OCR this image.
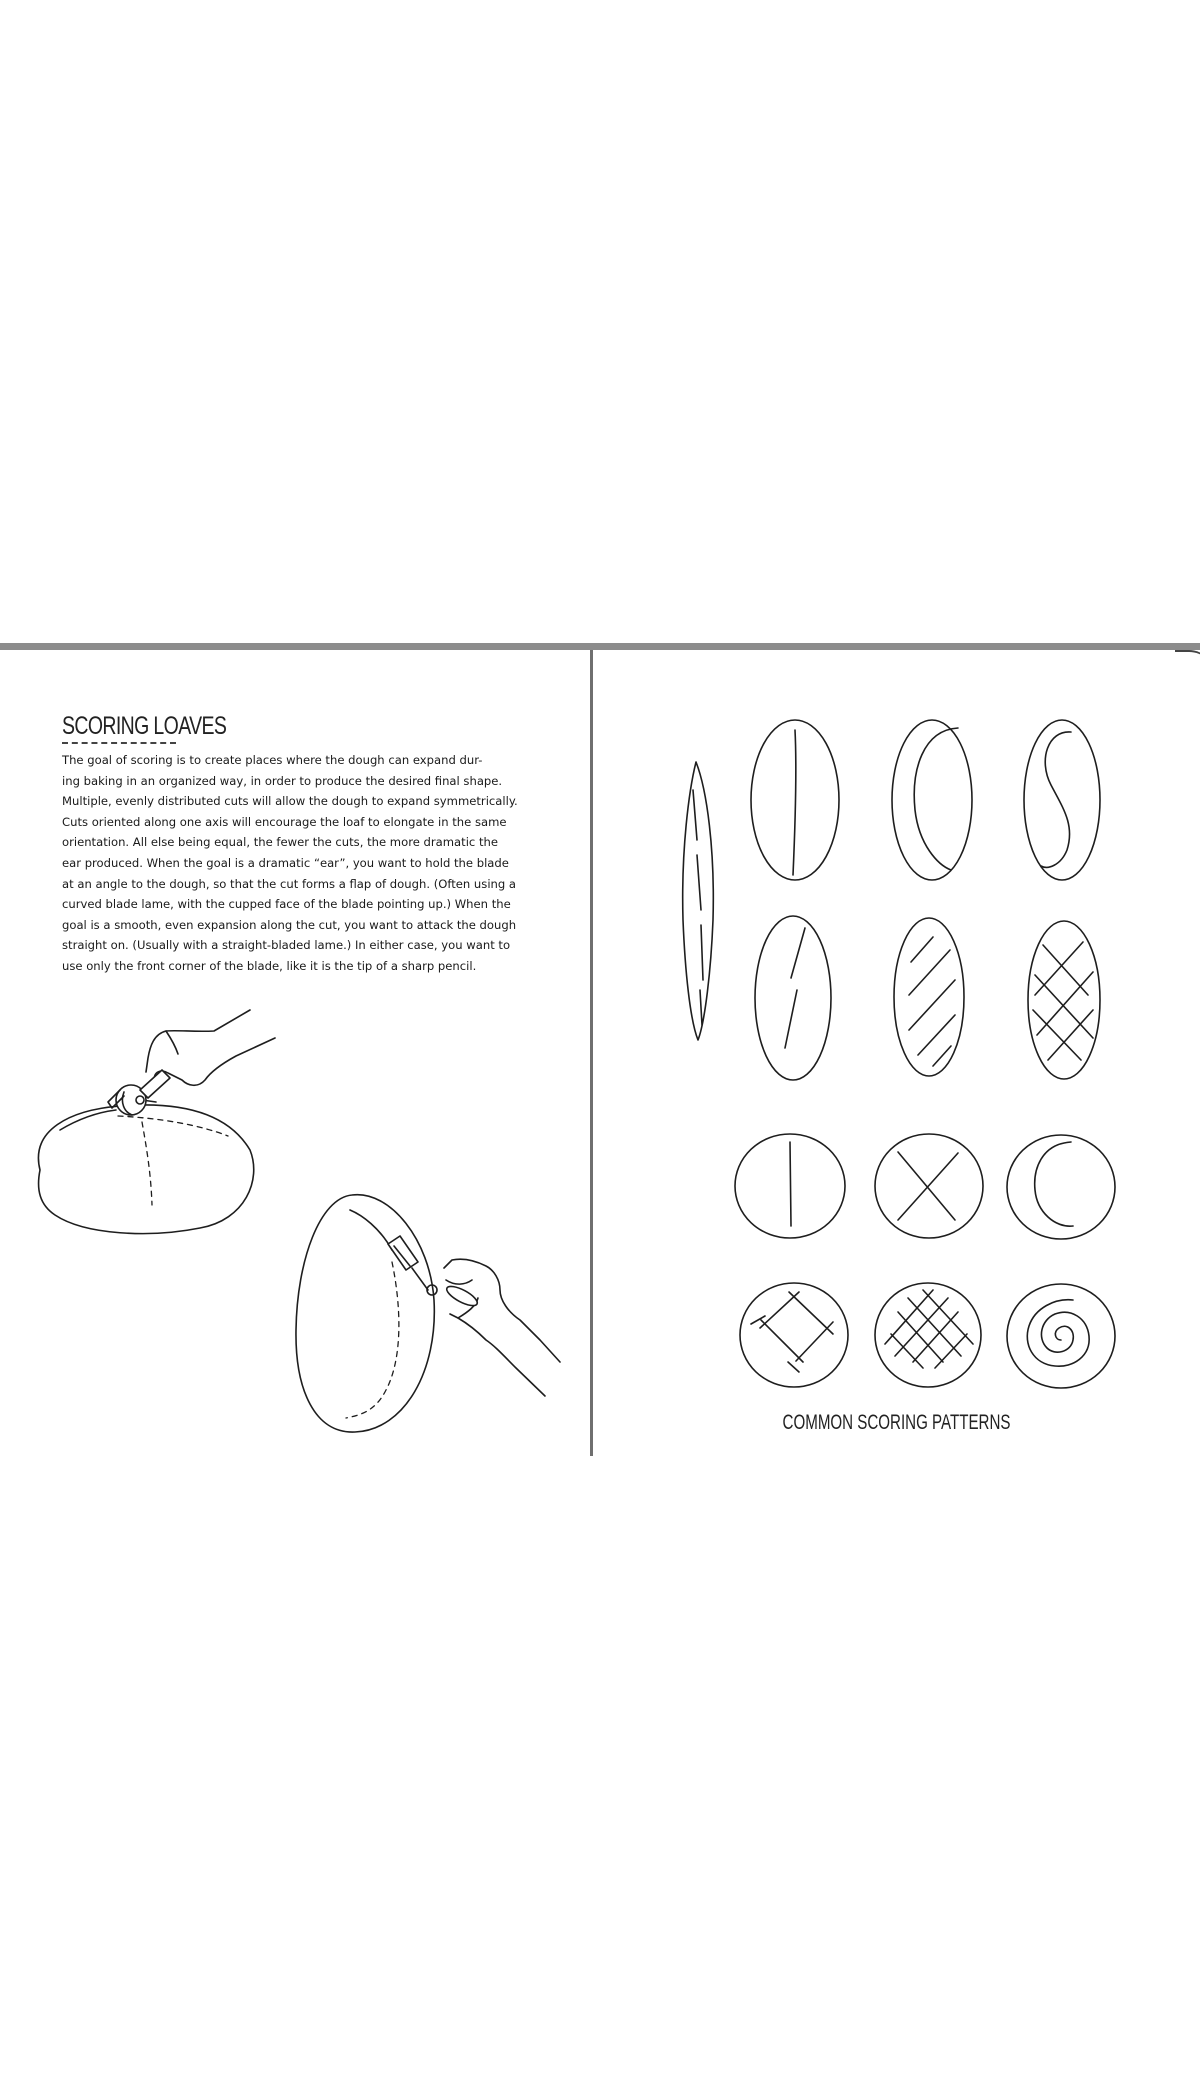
SCORING LOAVES
The goal of scoring is to create places where the dough can expand dur-
ing baking in an organized way, in order to produce the desired final shape.
Multiple, evenly distributed cuts will allow the dough to expand symmetrically.
Cuts oriented along one axis will encourage the loaf to elongate in the same
orientation. All else being equal, the fewer the cuts, the more dramatic the
ear produced. When the goal is a dramatic “ear”, you want to hold the blade
at an angle to the dough, so that the cut forms a flap of dough. (Often using a
curved blade lame, with the cupped face of the blade pointing up.) When the
goal is a smooth, even expansion along the cut, you want to attack the dough
straight on. (Usually with a straight-bladed lame.) In either case, you want to
use only the front corner of the blade, like it is the tip of a sharp pencil.
COMMON SCORING PATTERNS
